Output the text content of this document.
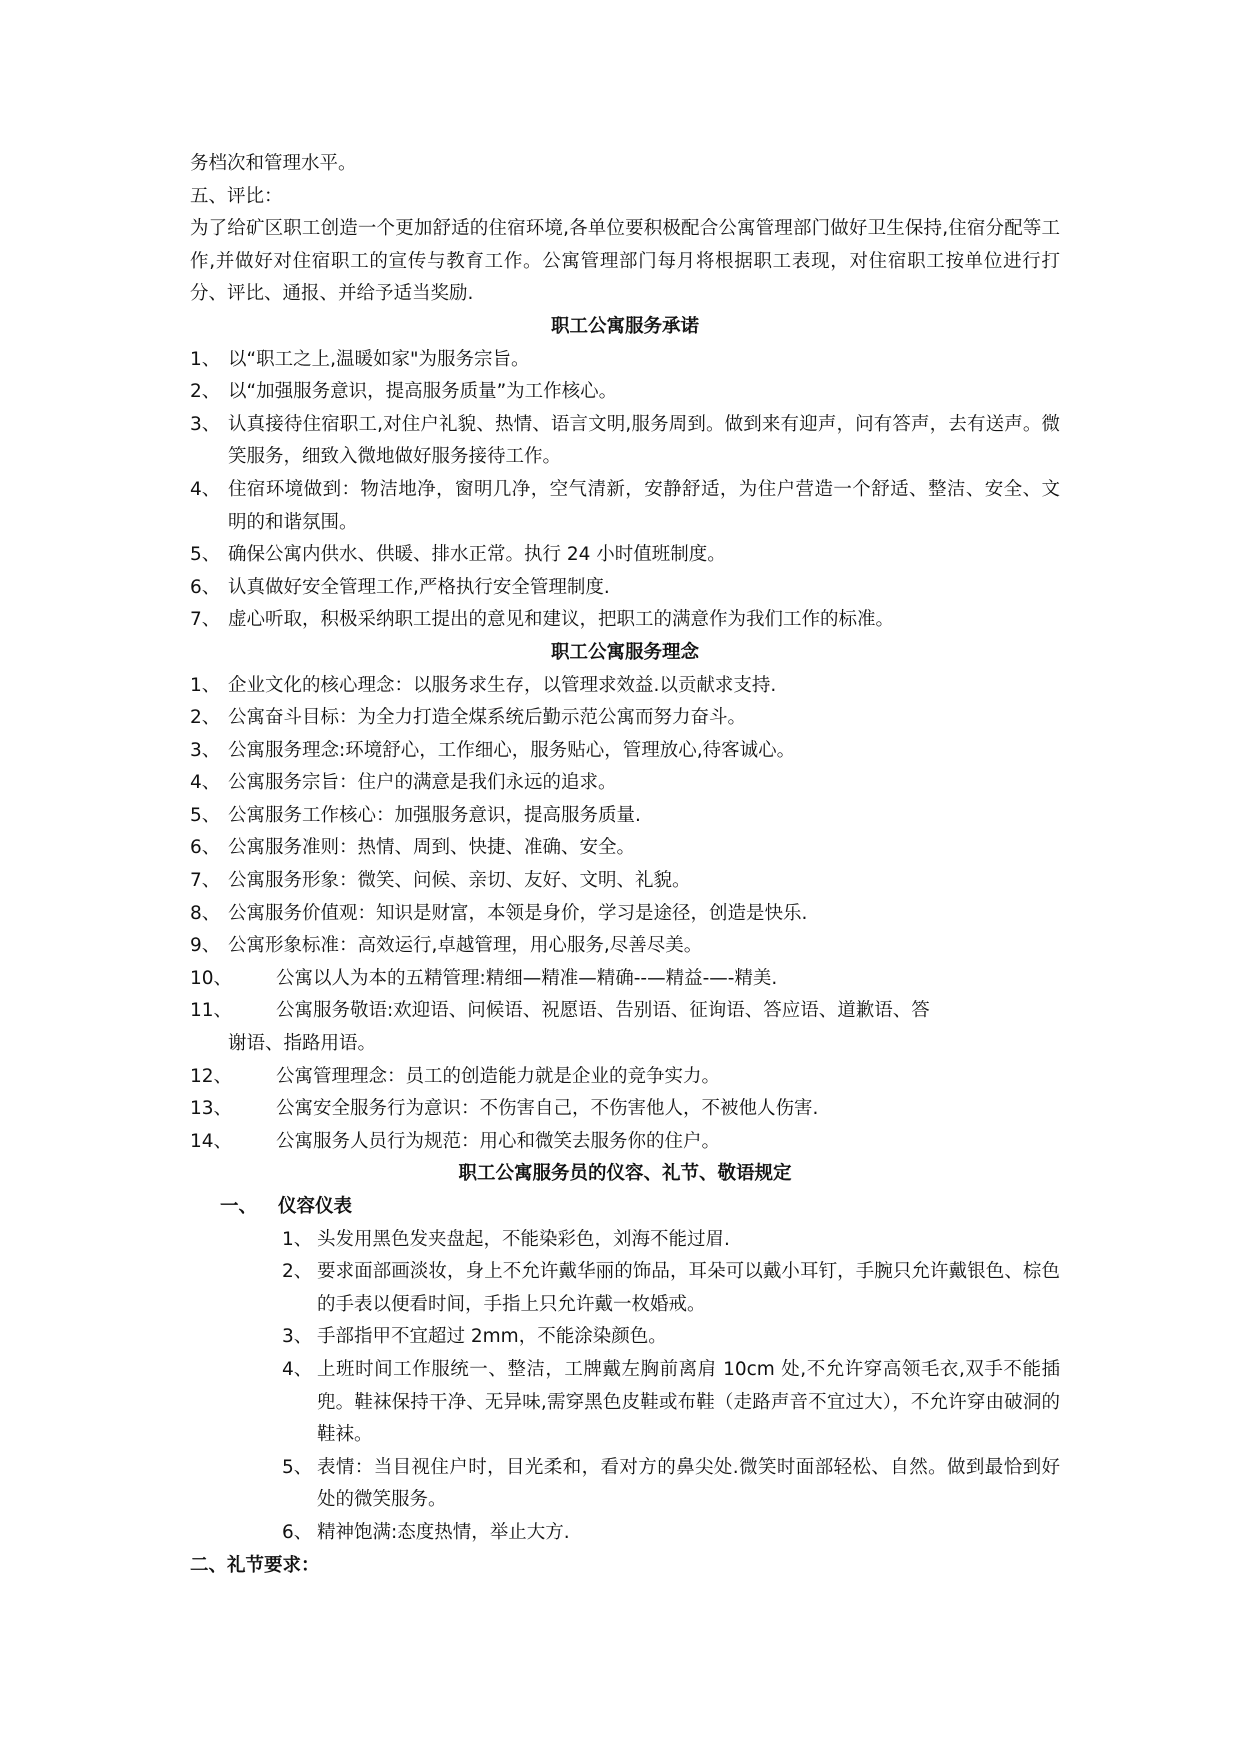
务档次和管理水平。

五、评比：

为了给矿区职工创造一个更加舒适的住宿环境,各单位要积极配合公寓管理部门做好卫生保持,住宿分配等工作,并做好对住宿职工的宣传与教育工作。公寓管理部门每月将根据职工表现，对住宿职工按单位进行打分、评比、通报、并给予适当奖励.

职工公寓服务承诺

1、 以“职工之上,温暖如家"为服务宗旨。
2、 以“加强服务意识，提高服务质量”为工作核心。
3、 认真接待住宿职工,对住户礼貌、热情、语言文明,服务周到。做到来有迎声，问有答声，去有送声。微笑服务，细致入微地做好服务接待工作。
4、 住宿环境做到：物洁地净，窗明几净，空气清新，安静舒适，为住户营造一个舒适、整洁、安全、文明的和谐氛围。
5、 确保公寓内供水、供暖、排水正常。执行 24 小时值班制度。
6、 认真做好安全管理工作,严格执行安全管理制度.
7、 虚心听取，积极采纳职工提出的意见和建议，把职工的满意作为我们工作的标准。

职工公寓服务理念

1、 企业文化的核心理念：以服务求生存，以管理求效益.以贡献求支持.
2、 公寓奋斗目标：为全力打造全煤系统后勤示范公寓而努力奋斗。
3、 公寓服务理念:环境舒心，工作细心，服务贴心，管理放心,待客诚心。
4、 公寓服务宗旨：住户的满意是我们永远的追求。
5、 公寓服务工作核心：加强服务意识，提高服务质量.
6、 公寓服务准则：热情、周到、快捷、准确、安全。
7、 公寓服务形象：微笑、问候、亲切、友好、文明、礼貌。
8、 公寓服务价值观：知识是财富，本领是身价，学习是途径，创造是快乐.
9、 公寓形象标准：高效运行,卓越管理，用心服务,尽善尽美。
10、	公寓以人为本的五精管理:精细—精准—精确--—精益-—-精美.
11、	公寓服务敬语:欢迎语、问候语、祝愿语、告别语、征询语、答应语、道歉语、答
谢语、指路用语。
12、	公寓管理理念：员工的创造能力就是企业的竞争实力。
13、	公寓安全服务行为意识：不伤害自己，不伤害他人，不被他人伤害.
14、	公寓服务人员行为规范：用心和微笑去服务你的住户。

职工公寓服务员的仪容、礼节、敬语规定

一、	仪容仪表
1、 头发用黑色发夹盘起，不能染彩色，刘海不能过眉.
2、 要求面部画淡妆，身上不允许戴华丽的饰品，耳朵可以戴小耳钉，手腕只允许戴银色、棕色的手表以便看时间，手指上只允许戴一枚婚戒。
3、 手部指甲不宜超过 2mm，不能涂染颜色。
4、 上班时间工作服统一、整洁，工牌戴左胸前离肩 10cm 处,不允许穿高领毛衣,双手不能插兜。鞋袜保持干净、无异味,需穿黑色皮鞋或布鞋（走路声音不宜过大），不允许穿由破洞的鞋袜。
5、 表情：当目视住户时，目光柔和，看对方的鼻尖处.微笑时面部轻松、自然。做到最恰到好处的微笑服务。
6、 精神饱满:态度热情，举止大方.

二、礼节要求：
